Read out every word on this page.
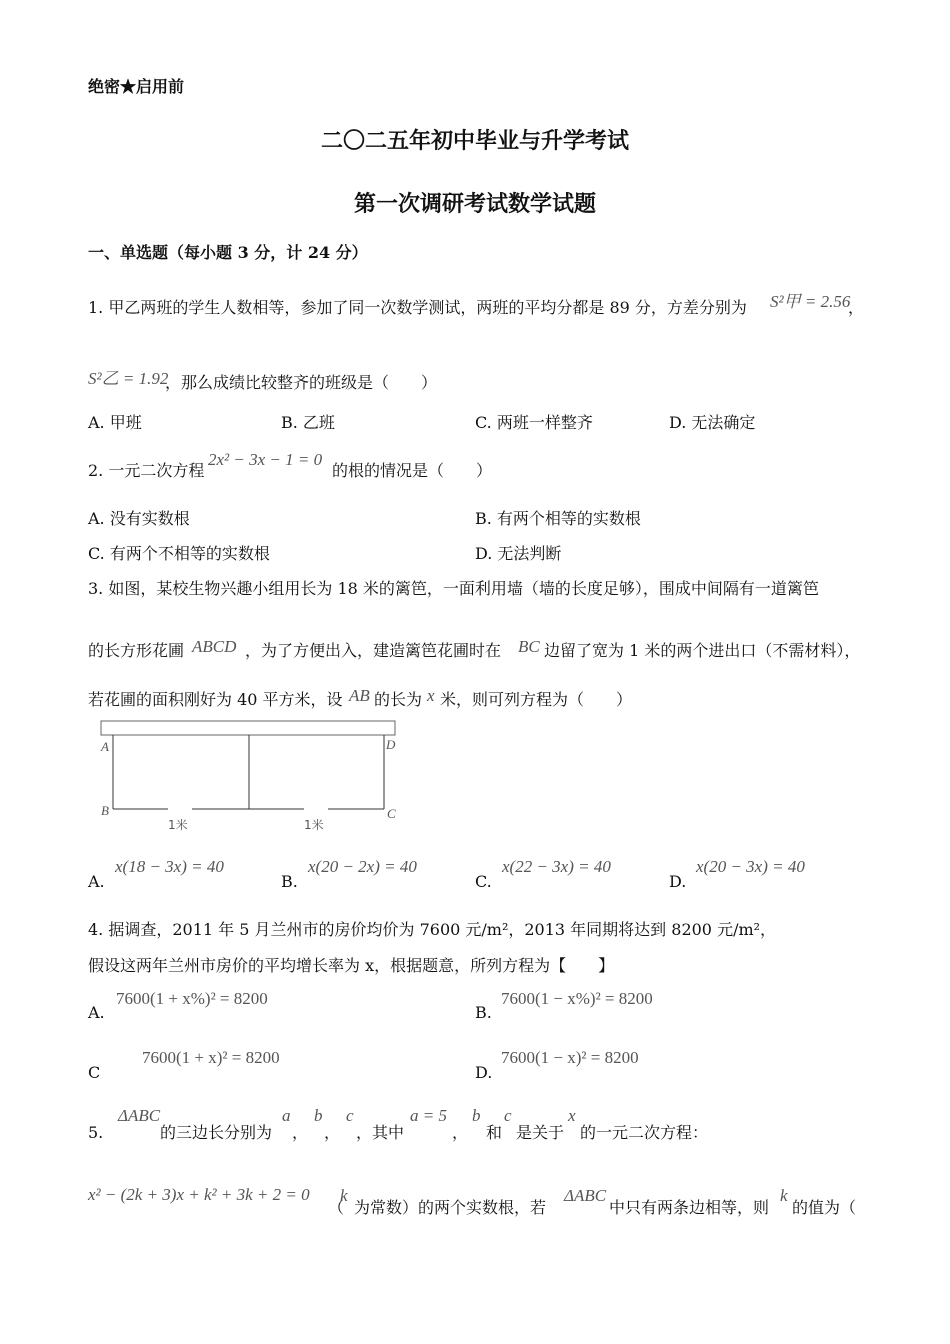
绝密★启用前
二〇二五年初中毕业与升学考试
第一次调研考试数学试题
一、单选题（每小题 3 分，计 24 分）
1. 甲乙两班的学生人数相等，参加了同一次数学测试，两班的平均分都是 89 分，方差分别为 S²甲 = 2.56
，
S²乙 = 1.92
，那么成绩比较整齐的班级是（　　）
A. 甲班	B. 乙班	C. 两班一样整齐	D. 无法确定
2. 一元二次方程
2x² − 3x − 1 = 0
的根的情况是（　　）
A. 没有实数根	B. 有两个相等的实数根
C. 有两个不相等的实数根	D. 无法判断
3. 如图，某校生物兴趣小组用长为 18 米的篱笆，一面利用墙（墙的长度足够），围成中间隔有一道篱笆
的长方形花圃 ABCD ，为了方便出入，建造篱笆花圃时在 BC 边留了宽为 1 米的两个进出口（不需材料），
若花圃的面积刚好为 40 平方米，设 AB 的长为 x 米，则可列方程为（　　）
A
B	C
D
1米	1米
A.
x(18 − 3x) = 40
B.
x(20 − 2x) = 40
C.
x(22 − 3x) = 40
D.
x(20 − 3x) = 40
4. 据调查，2011 年 5 月兰州市的房价均价为 7600 元/m²，2013 年同期将达到 8200 元/m²，
假设这两年兰州市房价的平均增长率为 x，根据题意，所列方程为【　　】
A.
7600(1 + x%)² = 8200
B.
7600(1 − x%)² = 8200
C
7600(1 + x)² = 8200
D.
7600(1 − x)² = 8200
5.
ΔABC
的三边长分别为
a
，
b
，
c
，其中
a = 5
，
b
和
c
是关于
x
的一元二次方程：
x² − (2k + 3)x + k² + 3k + 2 = 0
（
k
为常数）的两个实数根，若
ΔABC
中只有两条边相等，则
k
的值为（
